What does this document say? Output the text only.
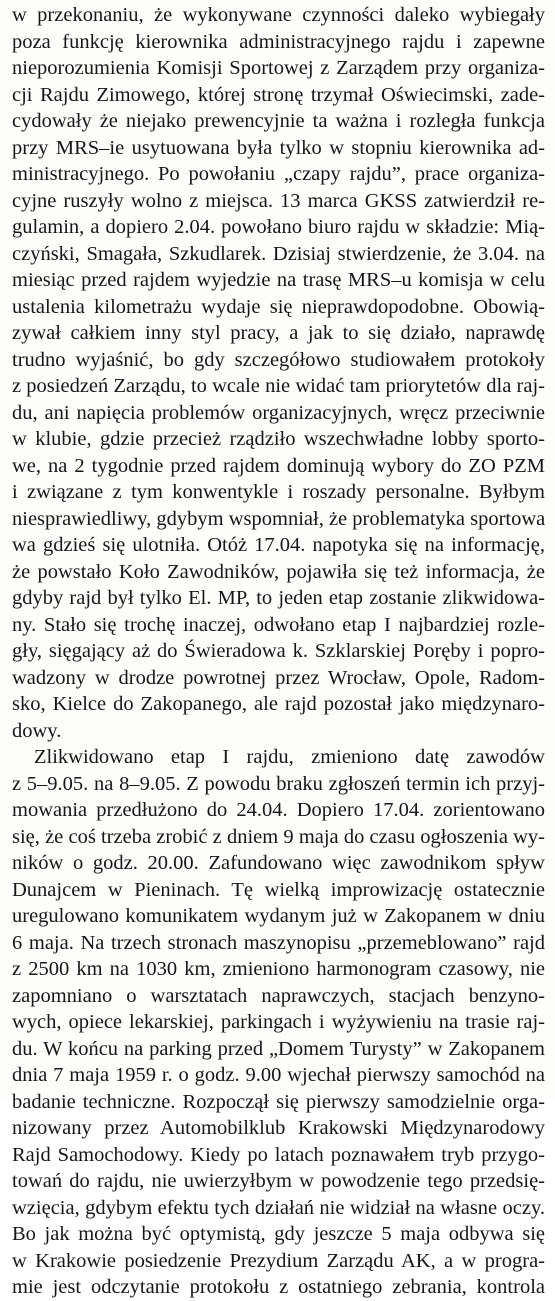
w przekonaniu, że wykonywane czynności daleko wybiegały
poza funkcję kierownika administracyjnego rajdu i zapewne
nieporozumienia Komisji Sportowej z Zarządem przy organiza-
cji Rajdu Zimowego, której stronę trzymał Oświecimski, zade-
cydowały że niejako prewencyjnie ta ważna i rozległa funkcja
przy MRS–ie usytuowana była tylko w stopniu kierownika ad-
ministracyjnego. Po powołaniu „czapy rajdu”, prace organiza-
cyjne ruszyły wolno z miejsca. 13 marca GKSS zatwierdził re-
gulamin, a dopiero 2.04. powołano biuro rajdu w składzie: Mią-
czyński, Smagała, Szkudlarek. Dzisiaj stwierdzenie, że 3.04. na
miesiąc przed rajdem wyjedzie na trasę MRS–u komisja w celu
ustalenia kilometrażu wydaje się nieprawdopodobne. Obowią-
zywał całkiem inny styl pracy, a jak to się działo, naprawdę
trudno wyjaśnić, bo gdy szczegółowo studiowałem protokoły
z posiedzeń Zarządu, to wcale nie widać tam priorytetów dla raj-
du, ani napięcia problemów organizacyjnych, wręcz przeciwnie
w klubie, gdzie przecież rządziło wszechwładne lobby sporto-
we, na 2 tygodnie przed rajdem dominują wybory do ZO PZM
i związane z tym konwentykle i roszady personalne. Byłbym
niesprawiedliwy, gdybym wspomniał, że problematyka sportowa
wa gdzieś się ulotniła. Otóż 17.04. napotyka się na informację,
że powstało Koło Zawodników, pojawiła się też informacja, że
gdyby rajd był tylko El. MP, to jeden etap zostanie zlikwidowa-
ny. Stało się trochę inaczej, odwołano etap I najbardziej rozle-
gły, sięgający aż do Świeradowa k. Szklarskiej Poręby i popro-
wadzony w drodze powrotnej przez Wrocław, Opole, Radom-
sko, Kielce do Zakopanego, ale rajd pozostał jako międzynaro-
dowy.
Zlikwidowano etap I rajdu, zmieniono datę zawodów
z 5–9.05. na 8–9.05. Z powodu braku zgłoszeń termin ich przyj-
mowania przedłużono do 24.04. Dopiero 17.04. zorientowano
się, że coś trzeba zrobić z dniem 9 maja do czasu ogłoszenia wy-
ników o godz. 20.00. Zafundowano więc zawodnikom spływ
Dunajcem w Pieninach. Tę wielką improwizację ostatecznie
uregulowano komunikatem wydanym już w Zakopanem w dniu
6 maja. Na trzech stronach maszynopisu „przemeblowano” rajd
z 2500 km na 1030 km, zmieniono harmonogram czasowy, nie
zapomniano o warsztatach naprawczych, stacjach benzyno-
wych, opiece lekarskiej, parkingach i wyżywieniu na trasie raj-
du. W końcu na parking przed „Domem Turysty” w Zakopanem
dnia 7 maja 1959 r. o godz. 9.00 wjechał pierwszy samochód na
badanie techniczne. Rozpoczął się pierwszy samodzielnie orga-
nizowany przez Automobilklub Krakowski Międzynarodowy
Rajd Samochodowy. Kiedy po latach poznawałem tryb przygo-
towań do rajdu, nie uwierzyłbym w powodzenie tego przedsię-
wzięcia, gdybym efektu tych działań nie widział na własne oczy.
Bo jak można być optymistą, gdy jeszcze 5 maja odbywa się
w Krakowie posiedzenie Prezydium Zarządu AK, a w progra-
mie jest odczytanie protokołu z ostatniego zebrania, kontrola
